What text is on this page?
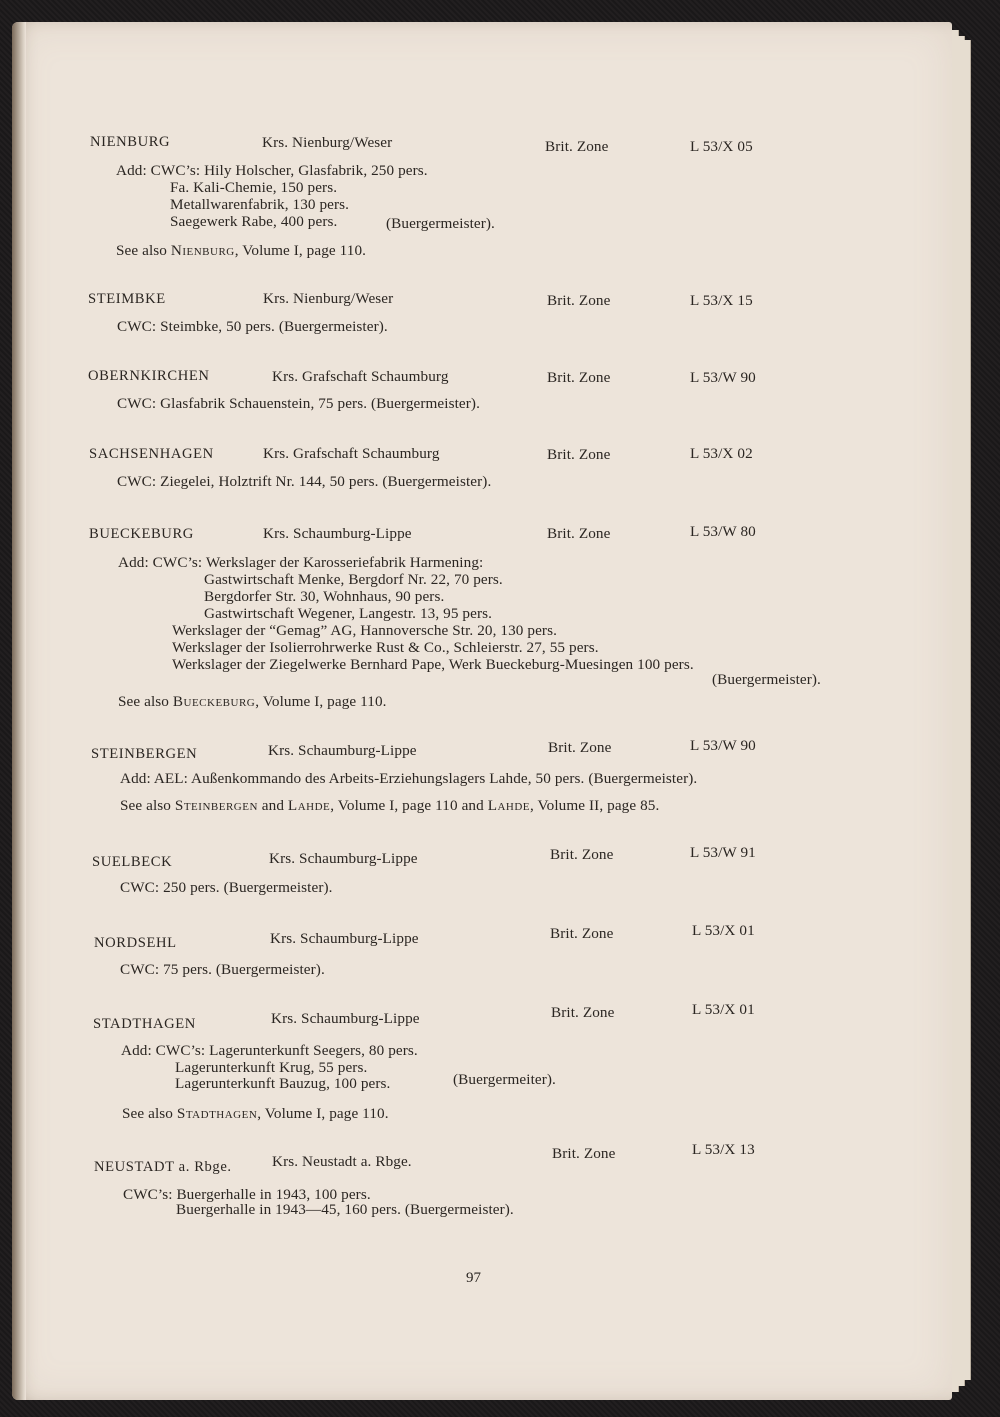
NIENBURG	Krs. Nienburg/Weser	Brit. Zone	L 53/X 05
Add: CWC’s: Hily Holscher, Glasfabrik, 250 pers.
Fa. Kali-Chemie, 150 pers.
Metallwarenfabrik, 130 pers.
Saegewerk Rabe, 400 pers.	(Buergermeister).
See also Nienburg, Volume I, page 110.
STEIMBKE	Krs. Nienburg/Weser	Brit. Zone	L 53/X 15
CWC: Steimbke, 50 pers. (Buergermeister).
OBERNKIRCHEN	Krs. Grafschaft Schaumburg	Brit. Zone	L 53/W 90
CWC: Glasfabrik Schauenstein, 75 pers. (Buergermeister).
SACHSENHAGEN	Krs. Grafschaft Schaumburg	Brit. Zone	L 53/X 02
CWC: Ziegelei, Holztrift Nr. 144, 50 pers. (Buergermeister).
BUECKEBURG	Krs. Schaumburg-Lippe	Brit. Zone	L 53/W 80
Add: CWC’s: Werkslager der Karosseriefabrik Harmening:
Gastwirtschaft Menke, Bergdorf Nr. 22, 70 pers.
Bergdorfer Str. 30, Wohnhaus, 90 pers.
Gastwirtschaft Wegener, Langestr. 13, 95 pers.
Werkslager der “Gemag” AG, Hannoversche Str. 20, 130 pers.
Werkslager der Isolierrohrwerke Rust & Co., Schleierstr. 27, 55 pers.
Werkslager der Ziegelwerke Bernhard Pape, Werk Bueckeburg-Muesingen 100 pers.
(Buergermeister).
See also Bueckeburg, Volume I, page 110.
STEINBERGEN	Krs. Schaumburg-Lippe	Brit. Zone	L 53/W 90
Add: AEL: Außenkommando des Arbeits-Erziehungslagers Lahde, 50 pers. (Buergermeister).
See also Steinbergen and Lahde, Volume I, page 110 and Lahde, Volume II, page 85.
SUELBECK	Krs. Schaumburg-Lippe	Brit. Zone	L 53/W 91
CWC: 250 pers. (Buergermeister).
NORDSEHL	Krs. Schaumburg-Lippe	Brit. Zone	L 53/X 01
CWC: 75 pers. (Buergermeister).
STADTHAGEN	Krs. Schaumburg-Lippe	Brit. Zone	L 53/X 01
Add: CWC’s: Lagerunterkunft Seegers, 80 pers.
Lagerunterkunft Krug, 55 pers.
Lagerunterkunft Bauzug, 100 pers.	(Buergermeiter).
See also Stadthagen, Volume I, page 110.
NEUSTADT a. Rbge.	Krs. Neustadt a. Rbge.	Brit. Zone	L 53/X 13
CWC’s: Buergerhalle in 1943, 100 pers.
Buergerhalle in 1943—45, 160 pers. (Buergermeister).
97
